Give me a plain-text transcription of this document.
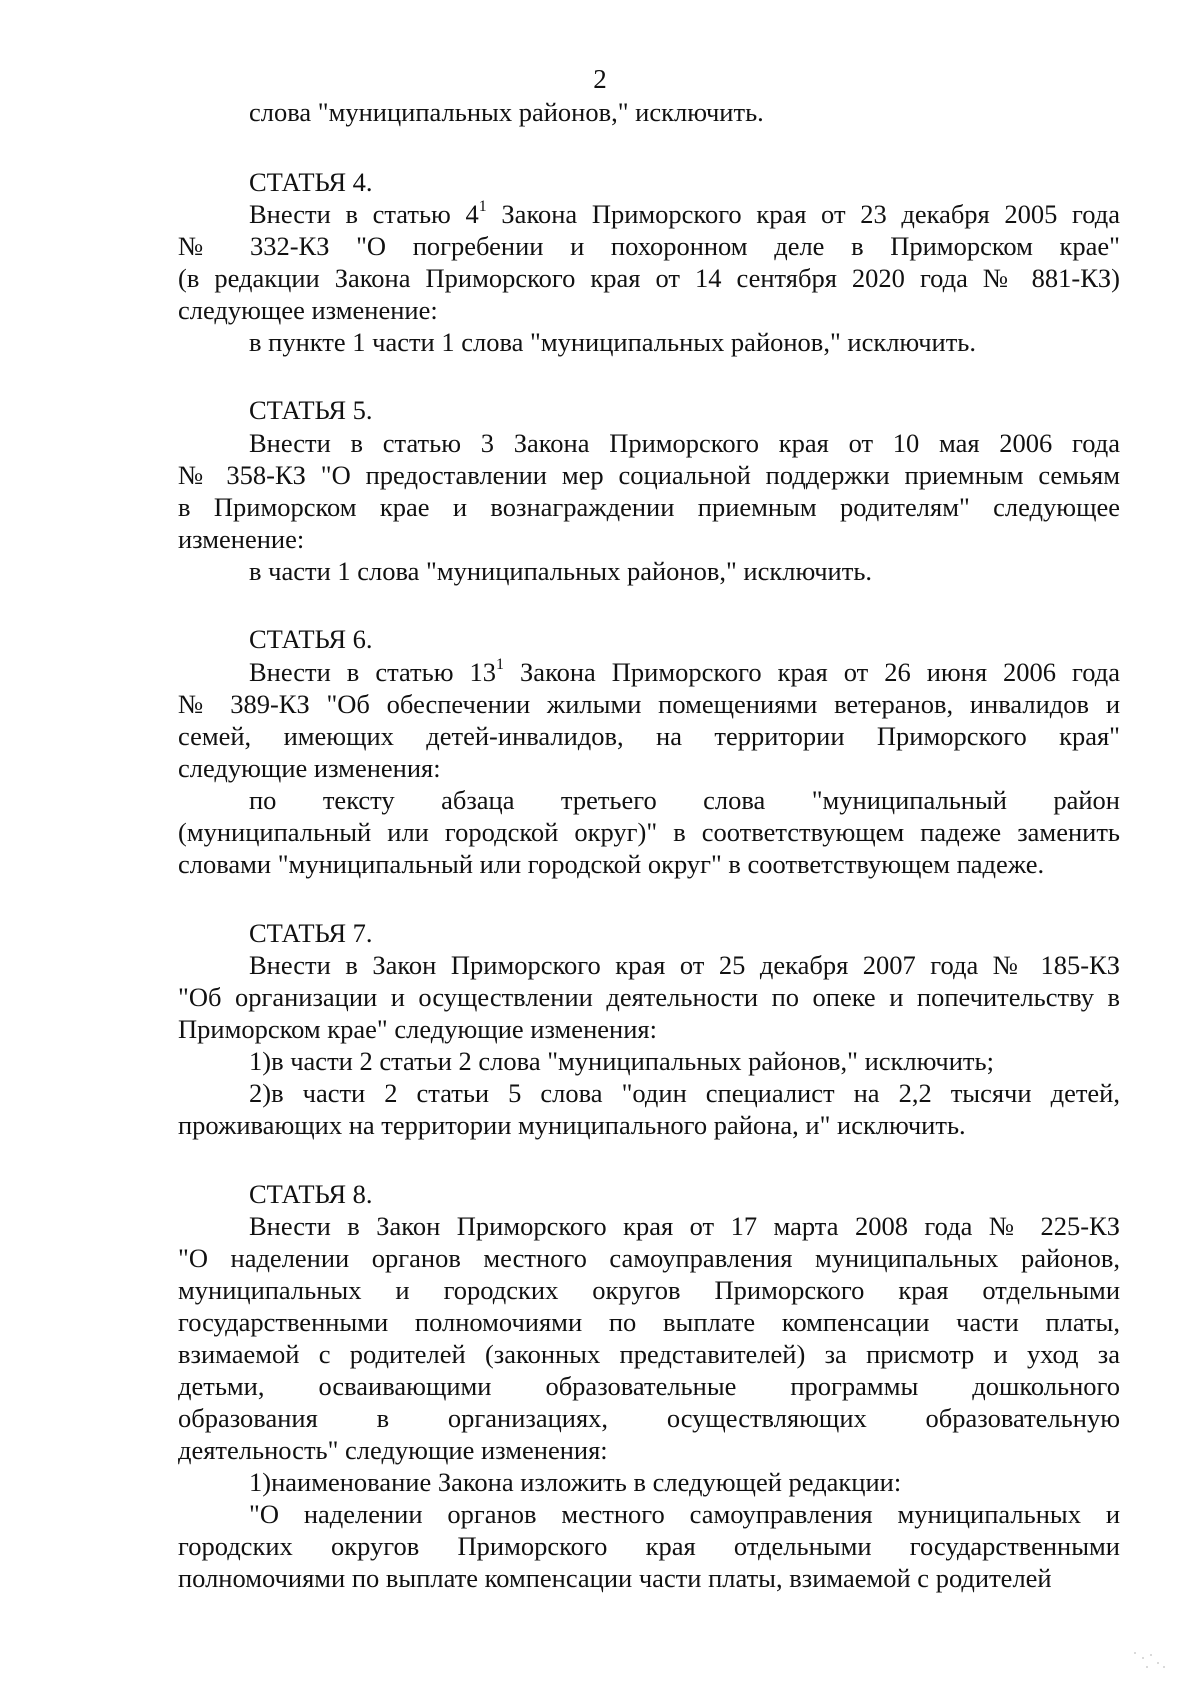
2
слова "муниципальных районов," исключить.
СТАТЬЯ 4.
Внести в статью $4^1$ Закона Приморского края от 23 декабря 2005 года
№ 332-КЗ "О погребении и похоронном деле в Приморском крае"
(в редакции Закона Приморского края от 14 сентября 2020 года № 881-КЗ)
следующее изменение:
в пункте 1 части 1 слова "муниципальных районов," исключить.
СТАТЬЯ 5.
Внести в статью 3 Закона Приморского края от 10 мая 2006 года
№ 358-КЗ "О предоставлении мер социальной поддержки приемным семьям
в Приморском крае и вознаграждении приемным родителям" следующее
изменение:
в части 1 слова "муниципальных районов," исключить.
СТАТЬЯ 6.
Внести в статью $13^1$ Закона Приморского края от 26 июня 2006 года
№ 389-КЗ "Об обеспечении жилыми помещениями ветеранов, инвалидов и
семей, имеющих детей-инвалидов, на территории Приморского края"
следующие изменения:
по тексту абзаца третьего слова "муниципальный район
(муниципальный или городской округ)" в соответствующем падеже заменить
словами "муниципальный или городской округ" в соответствующем падеже.
СТАТЬЯ 7.
Внести в Закон Приморского края от 25 декабря 2007 года № 185-КЗ
"Об организации и осуществлении деятельности по опеке и попечительству в
Приморском крае" следующие изменения:
1)в части 2 статьи 2 слова "муниципальных районов," исключить;
2)в части 2 статьи 5 слова "один специалист на 2,2 тысячи детей,
проживающих на территории муниципального района, и" исключить.
СТАТЬЯ 8.
Внести в Закон Приморского края от 17 марта 2008 года № 225-КЗ
"О наделении органов местного самоуправления муниципальных районов,
муниципальных и городских округов Приморского края отдельными
государственными полномочиями по выплате компенсации части платы,
взимаемой с родителей (законных представителей) за присмотр и уход за
детьми, осваивающими образовательные программы дошкольного
образования в организациях, осуществляющих образовательную
деятельность" следующие изменения:
1)наименование Закона изложить в следующей редакции:
"О наделении органов местного самоуправления муниципальных и
городских округов Приморского края отдельными государственными
полномочиями по выплате компенсации части платы, взимаемой с родителей
